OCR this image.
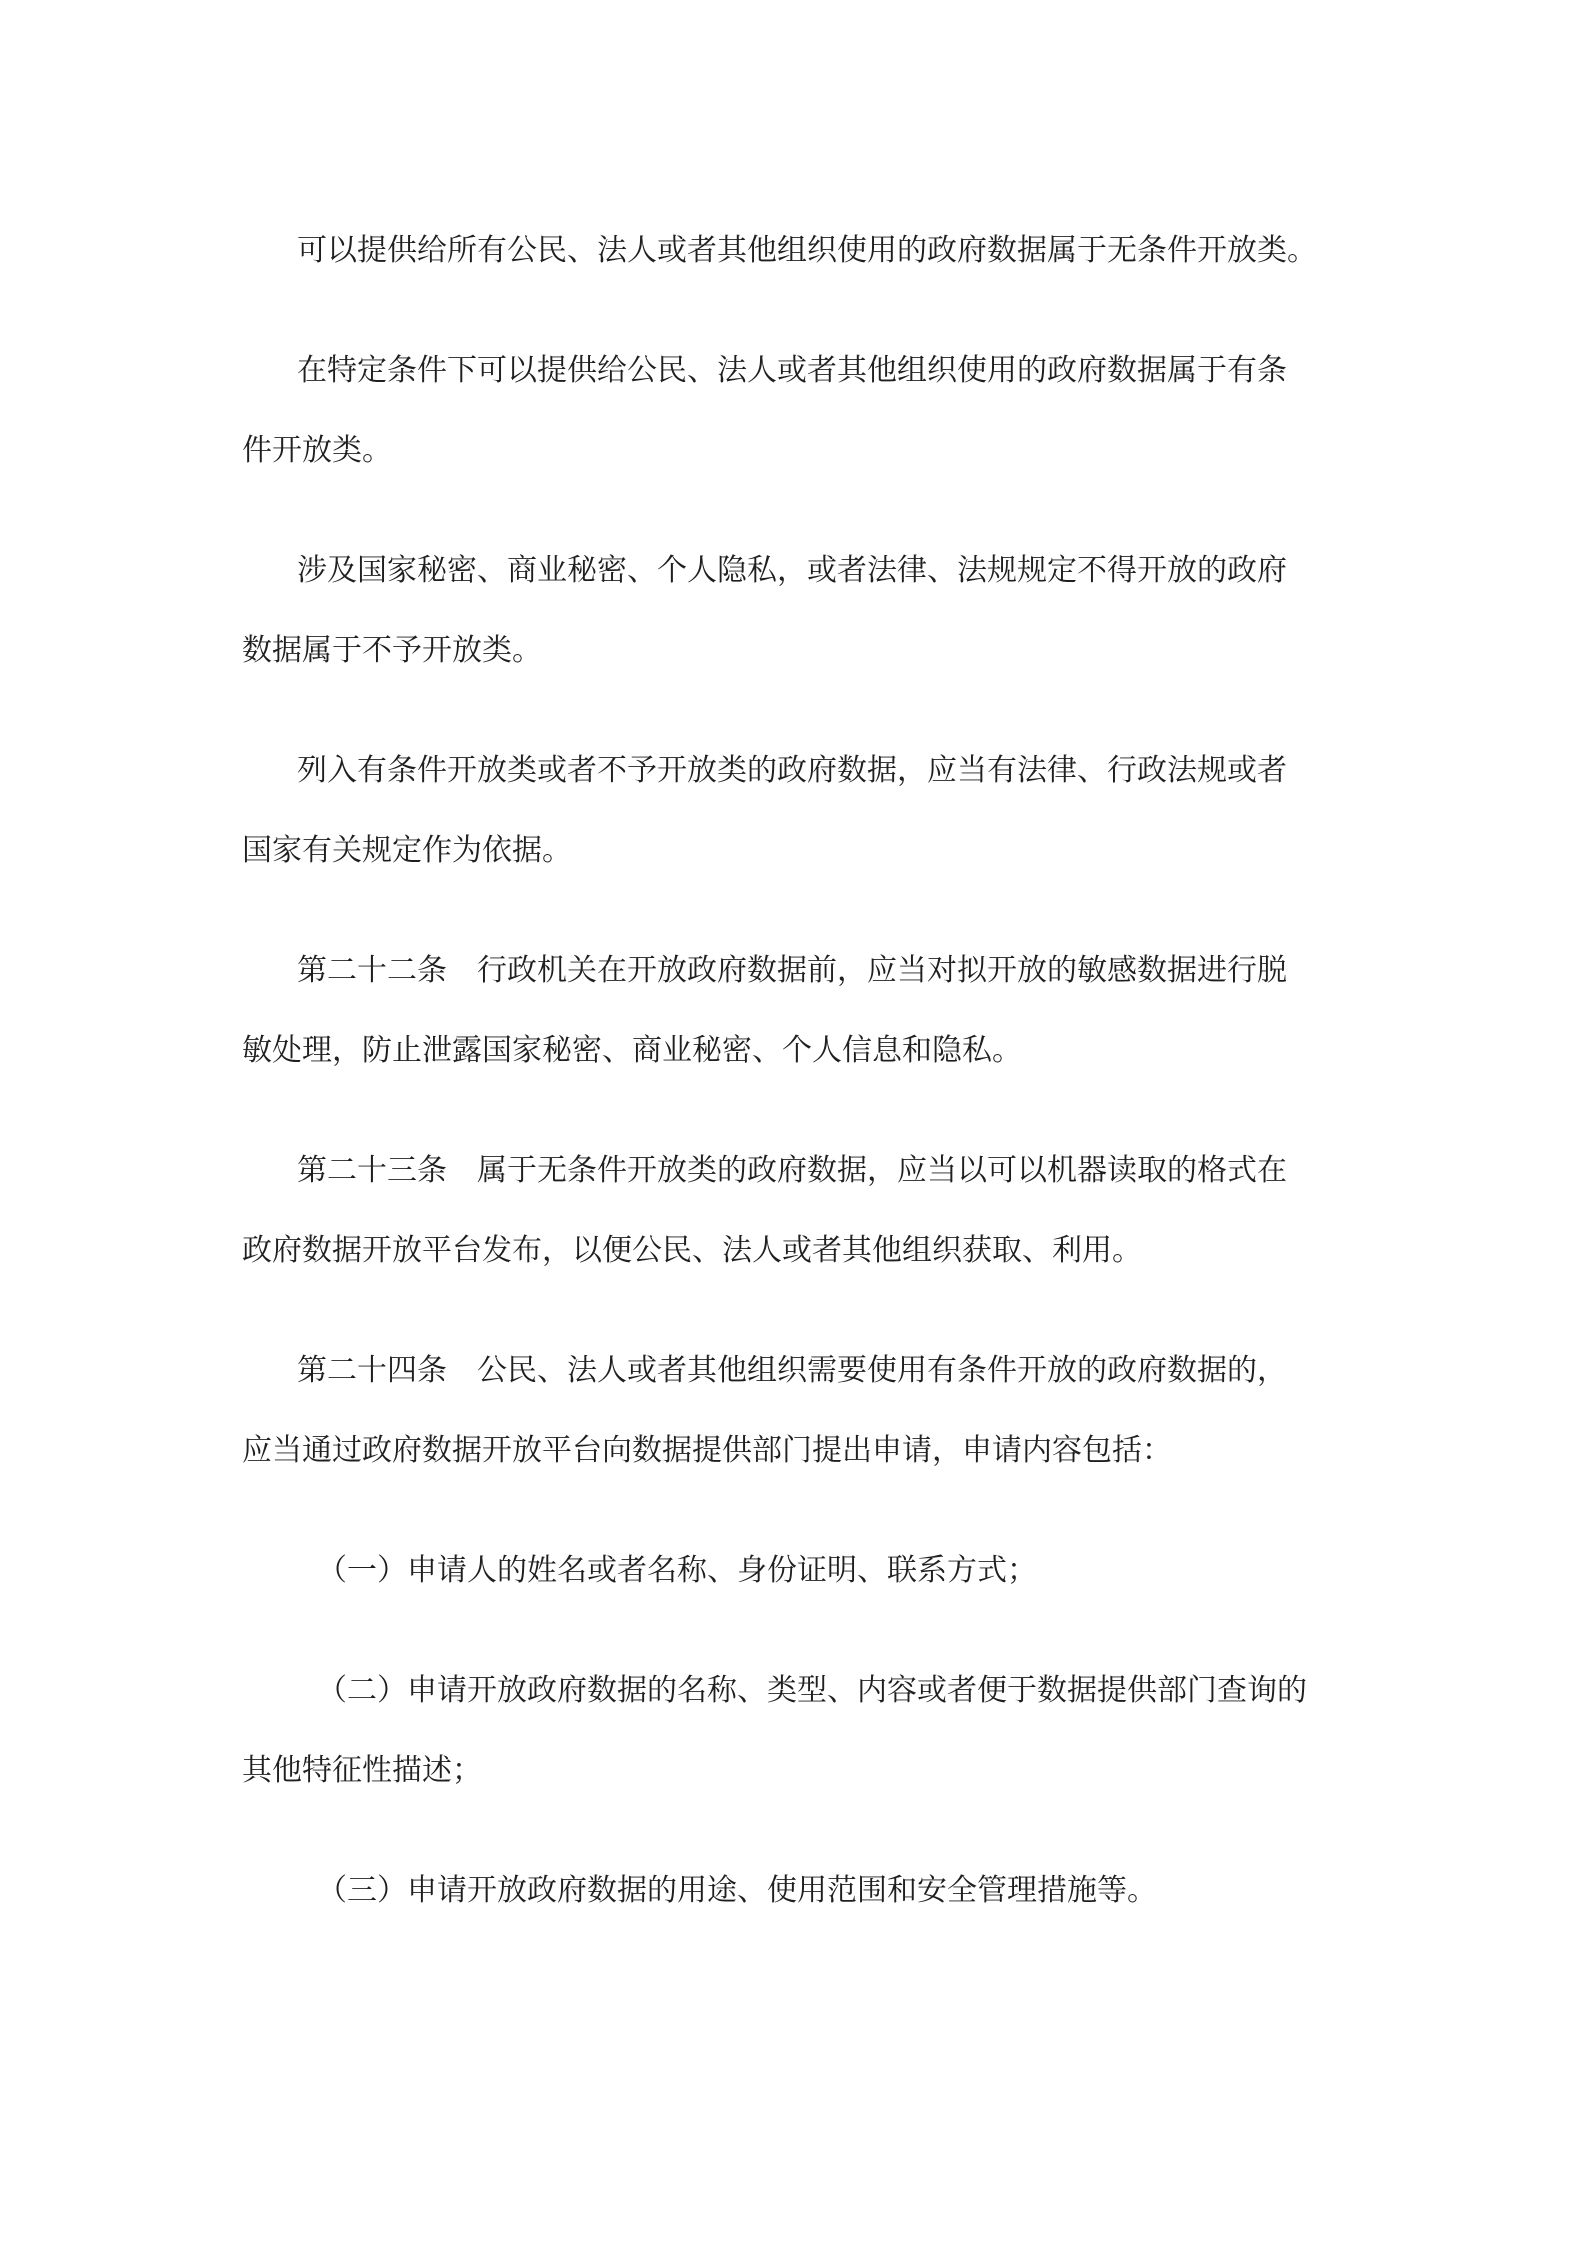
可以提供给所有公民、法人或者其他组织使用的政府数据属于无条件开放类。
在特定条件下可以提供给公民、法人或者其他组织使用的政府数据属于有条
件开放类。
涉及国家秘密、商业秘密、个人隐私，或者法律、法规规定不得开放的政府
数据属于不予开放类。
列入有条件开放类或者不予开放类的政府数据，应当有法律、行政法规或者
国家有关规定作为依据。
第二十二条　行政机关在开放政府数据前，应当对拟开放的敏感数据进行脱
敏处理，防止泄露国家秘密、商业秘密、个人信息和隐私。
第二十三条　属于无条件开放类的政府数据，应当以可以机器读取的格式在
政府数据开放平台发布，以便公民、法人或者其他组织获取、利用。
第二十四条　公民、法人或者其他组织需要使用有条件开放的政府数据的，
应当通过政府数据开放平台向数据提供部门提出申请，申请内容包括：
（一）申请人的姓名或者名称、身份证明、联系方式；
（二）申请开放政府数据的名称、类型、内容或者便于数据提供部门查询的
其他特征性描述；
（三）申请开放政府数据的用途、使用范围和安全管理措施等。
